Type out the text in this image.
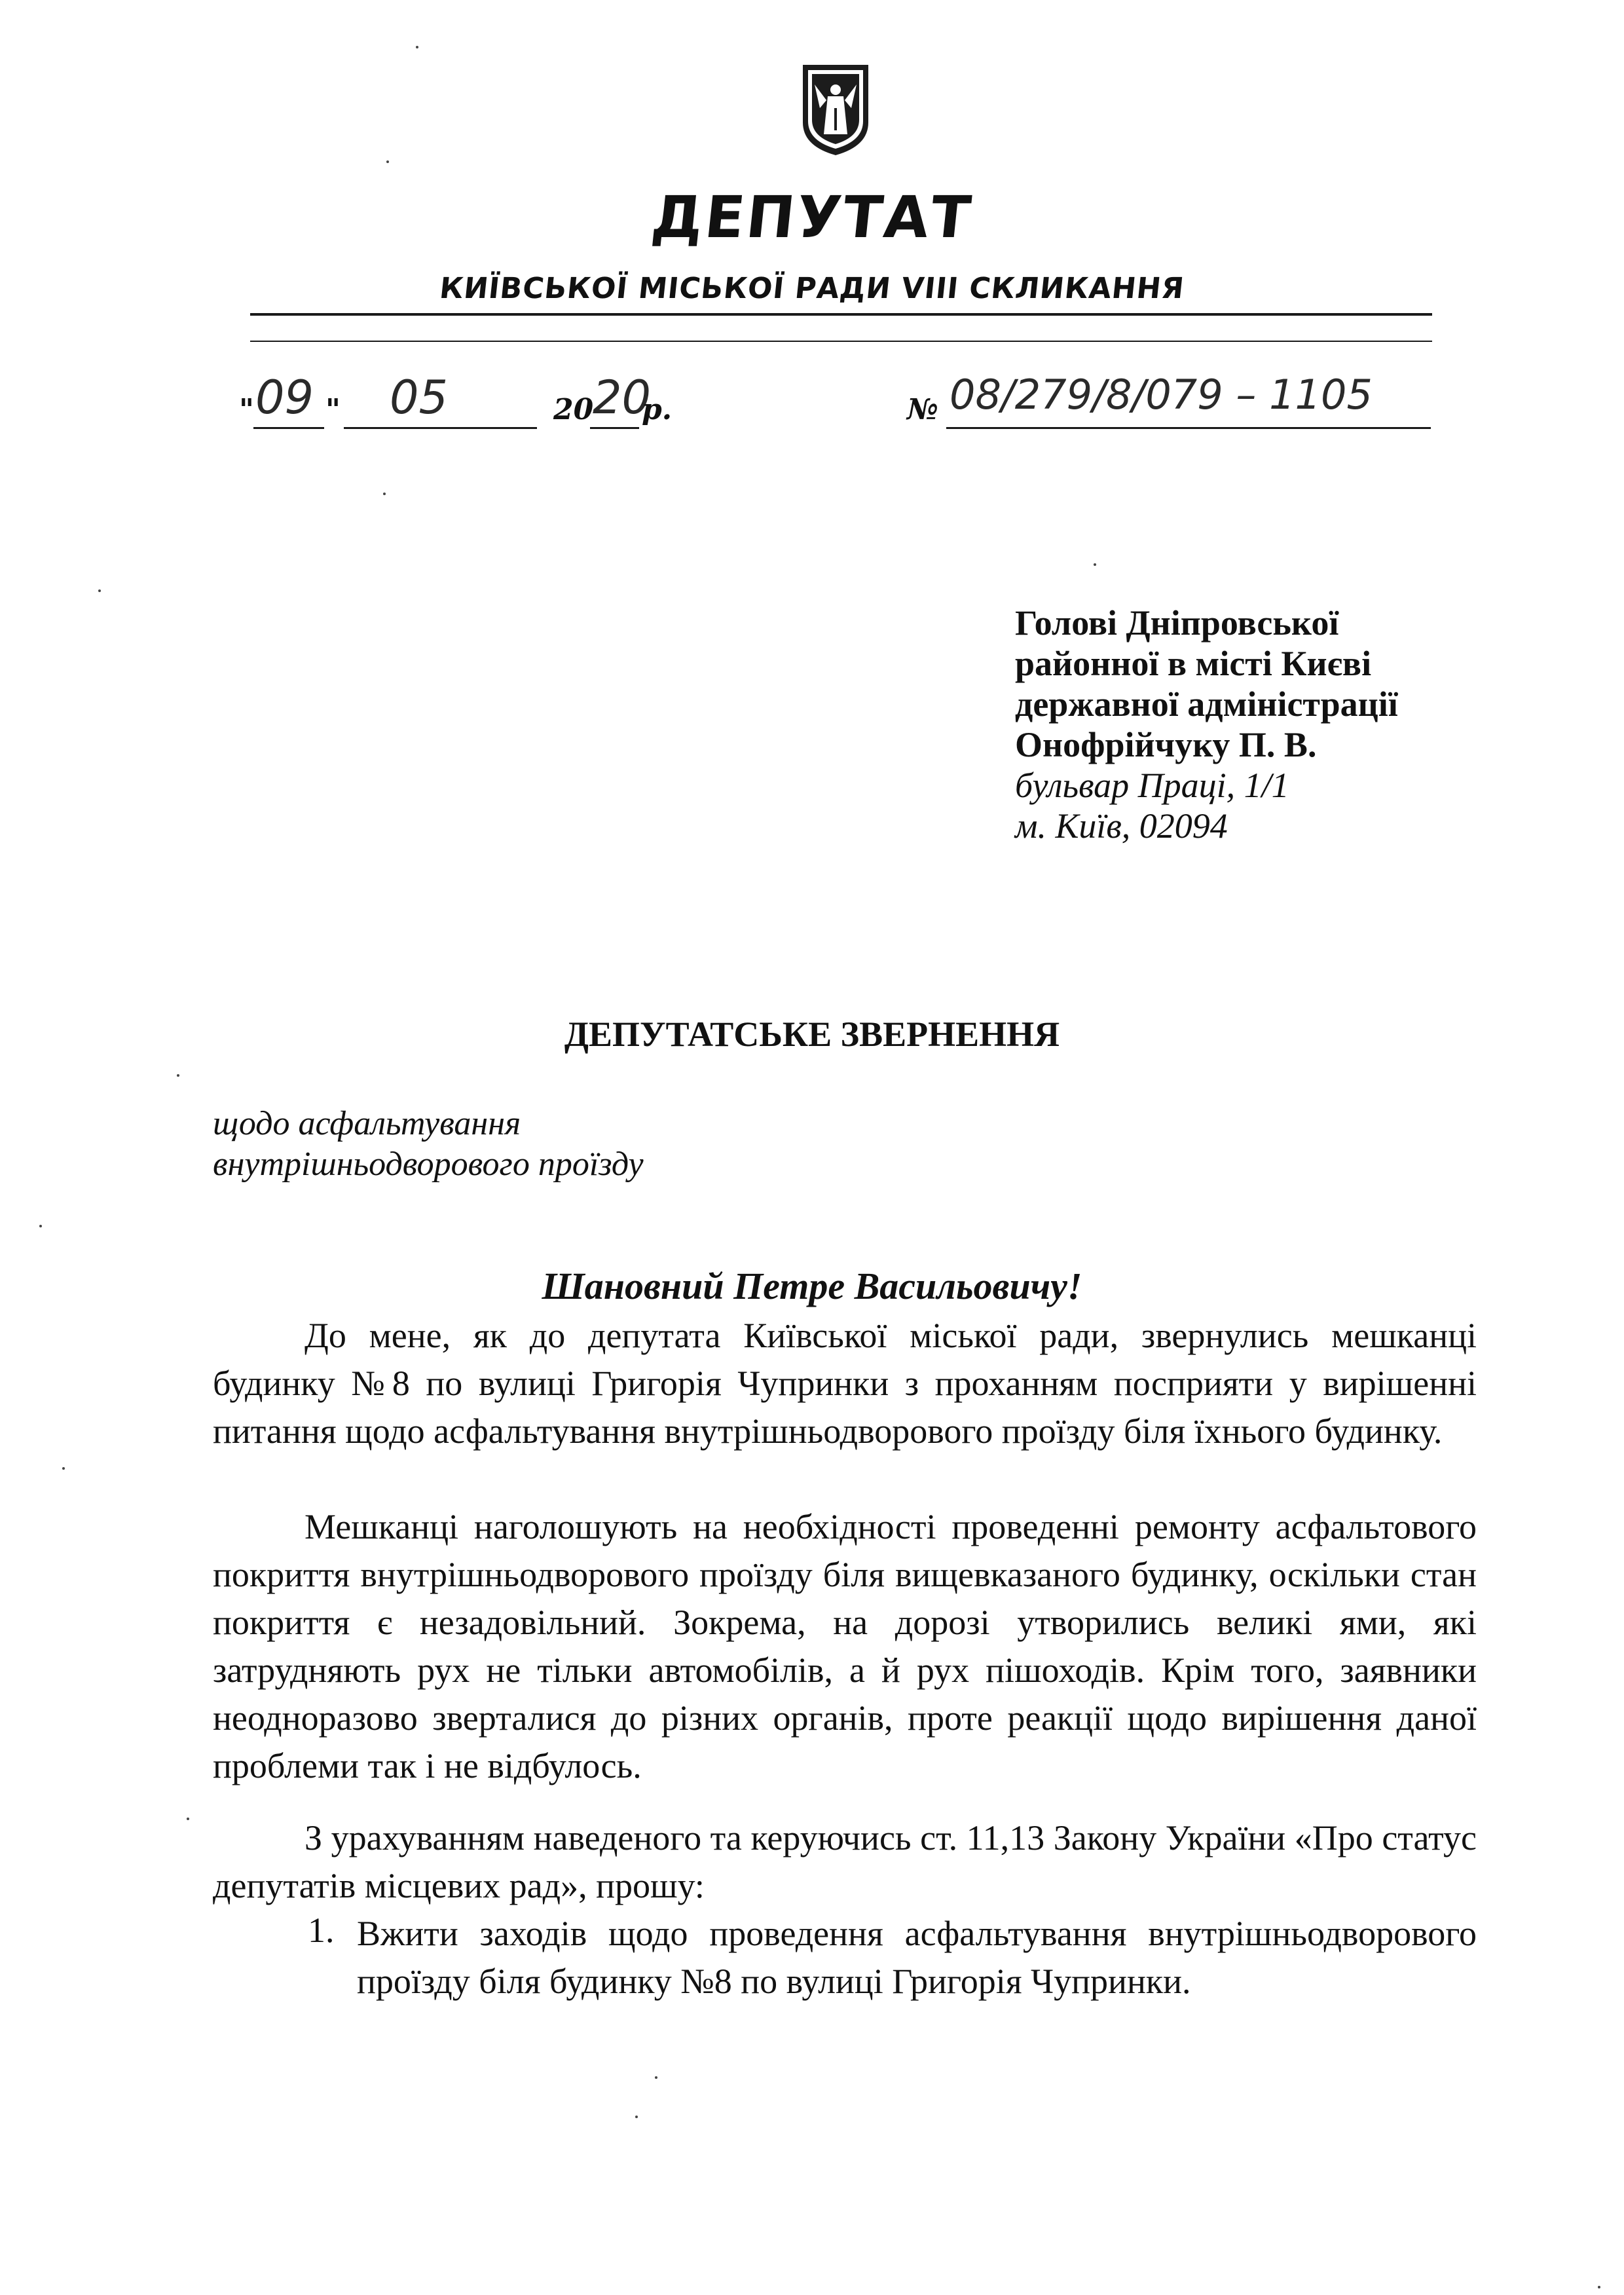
ДЕПУТАТ
КИЇВСЬКОЇ МІСЬКОЇ РАДИ VIII СКЛИКАННЯ
" 09 " 05	20
20
р.	№ 08/279/8/079 – 1105
Голові Дніпровської
районної в місті Києві
державної адміністрації
Онофрійчуку П. В.
бульвар Праці, 1/1
м. Київ, 02094
ДЕПУТАТСЬКЕ ЗВЕРНЕННЯ
щодо асфальтування
внутрішньодворового проїзду
Шановний Петре Васильовичу!
До мене, як до депутата Київської міської ради, звернулись мешканці будинку №8 по вулиці Григорія Чупринки з проханням посприяти у вирішенні питання щодо асфальтування внутрішньодворового проїзду біля їхнього будинку.
Мешканці наголошують на необхідності проведенні ремонту асфальтового покриття внутрішньодворового проїзду біля вищевказаного будинку, оскільки стан покриття є незадовільний. Зокрема, на дорозі утворились великі ями, які затрудняють рух не тільки автомобілів, а й рух пішоходів. Крім того, заявники неодноразово зверталися до різних органів, проте реакції щодо вирішення даної проблеми так і не відбулось.
З урахуванням наведеного та керуючись ст. 11,13 Закону України «Про статус депутатів місцевих рад», прошу:
1. Вжити заходів щодо проведення асфальтування внутрішньодворового проїзду біля будинку №8 по вулиці Григорія Чупринки.
